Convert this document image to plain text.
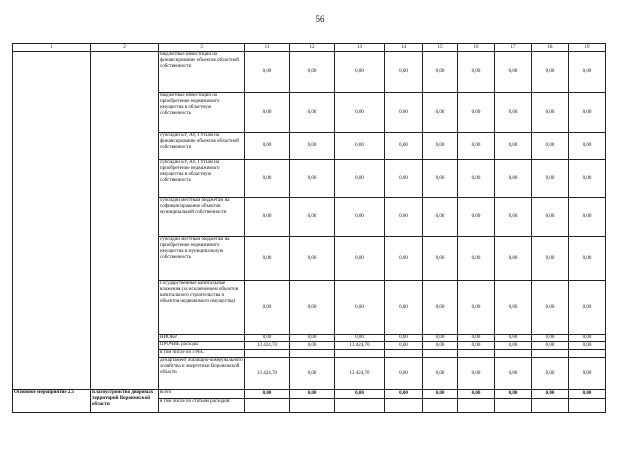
56
1	2	3	11	12	13	14	15	16	17	18	19
		бюджетные инвестиции на финансирование объектов областной собственности	0,00	0,00	0,00	0,00	0,00	0,00	0,00	0,00	0,00
		бюджетные инвестиции на приобретение недвижимого имущества в областную собственность	0,00	0,00	0,00	0,00	0,00	0,00	0,00	0,00	0,00
		субсидии БУ, АУ, ГУПам на финансирование объектов областной собственности	0,00	0,00	0,00	0,00	0,00	0,00	0,00	0,00	0,00
		субсидии БУ, АУ, ГУПам на приобретение недвижимого имущества в областную собственность	0,00	0,00	0,00	0,00	0,00	0,00	0,00	0,00	0,00
		субсидии местным бюджетам на софинансирование объектов муниципальной собственности	0,00	0,00	0,00	0,00	0,00	0,00	0,00	0,00	0,00
		субсидии местным бюджетам на приобретение недвижимого имущества в муниципальную собственность	0,00	0,00	0,00	0,00	0,00	0,00	0,00	0,00	0,00
		Государственные капитальные вложения (за исключением объектов капитального строительства и объектов недвижимого имущества)	0,00	0,00	0,00	0,00	0,00	0,00	0,00	0,00	0,00
		НИОКР	0,00	0,00	0,00	0,00	0,00	0,00	0,00	0,00	0,00
		ПРОЧИЕ расходы	13 424,70	0,00	13 424,70	0,00	0,00	0,00	0,00	0,00	0,00
		в том числе по ГРБС									
		департамент жилищно-коммунального хозяйства и энергетики Воронежской области	13 424,70	0,00	13 424,70	0,00	0,00	0,00	0,00	0,00	0,00
Основное мероприятие 2.5	Благоустройство дворовых территорий Воронежской области	всего	0,00	0,00	0,00	0,00	0,00	0,00	0,00	0,00	0,00
		в том числе по статьям расходов:									
